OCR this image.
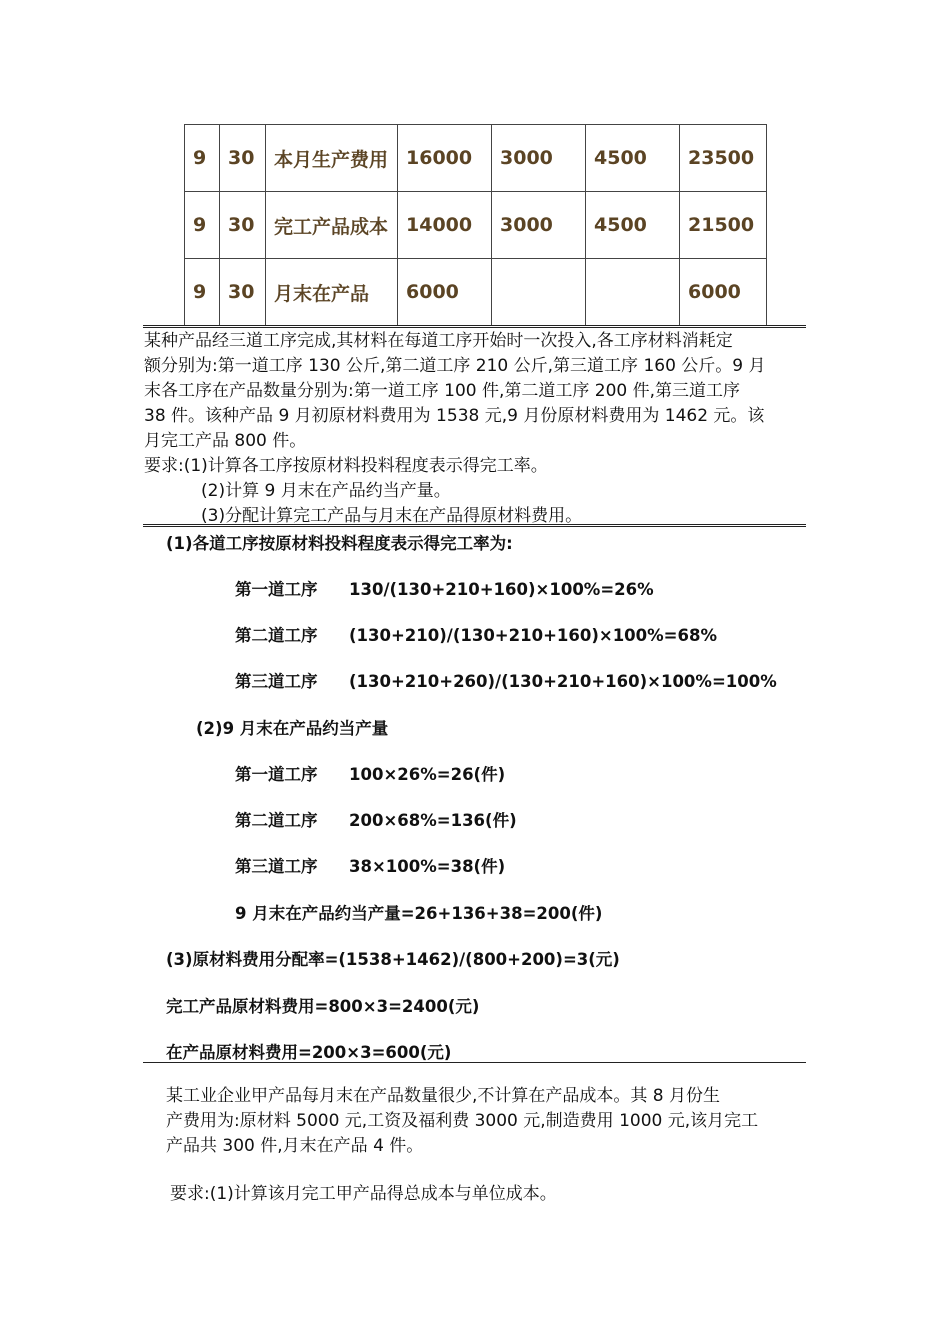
9	30	本月生产费用	16000	3000	4500	23500
9	30	完工产品成本	14000	3000	4500	21500
9	30	月末在产品	6000			6000

某种产品经三道工序完成,其材料在每道工序开始时一次投入,各工序材料消耗定

额分别为:第一道工序 130 公斤,第二道工序 210 公斤,第三道工序 160 公斤。9 月

末各工序在产品数量分别为:第一道工序 100 件,第二道工序 200 件,第三道工序

38 件。该种产品 9 月初原材料费用为 1538 元,9 月份原材料费用为 1462 元。该

月完工产品 800 件。

要求:(1)计算各工序按原材料投料程度表示得完工率。

(2)计算 9 月末在产品约当产量。

(3)分配计算完工产品与月末在产品得原材料费用。

(1)各道工序按原材料投料程度表示得完工率为:
第一道工序 130/(130+210+160)×100%=26%
第二道工序 (130+210)/(130+210+160)×100%=68%
第三道工序 (130+210+260)/(130+210+160)×100%=100%
(2)9 月末在产品约当产量
第一道工序 100×26%=26(件)
第二道工序 200×68%=136(件)
第三道工序 38×100%=38(件)
9 月末在产品约当产量=26+136+38=200(件)
(3)原材料费用分配率=(1538+1462)/(800+200)=3(元)
完工产品原材料费用=800×3=2400(元)
在产品原材料费用=200×3=600(元)

某工业企业甲产品每月末在产品数量很少,不计算在产品成本。其 8 月份生

产费用为:原材料 5000 元,工资及福利费 3000 元,制造费用 1000 元,该月完工

产品共 300 件,月末在产品 4 件。

要求:(1)计算该月完工甲产品得总成本与单位成本。
